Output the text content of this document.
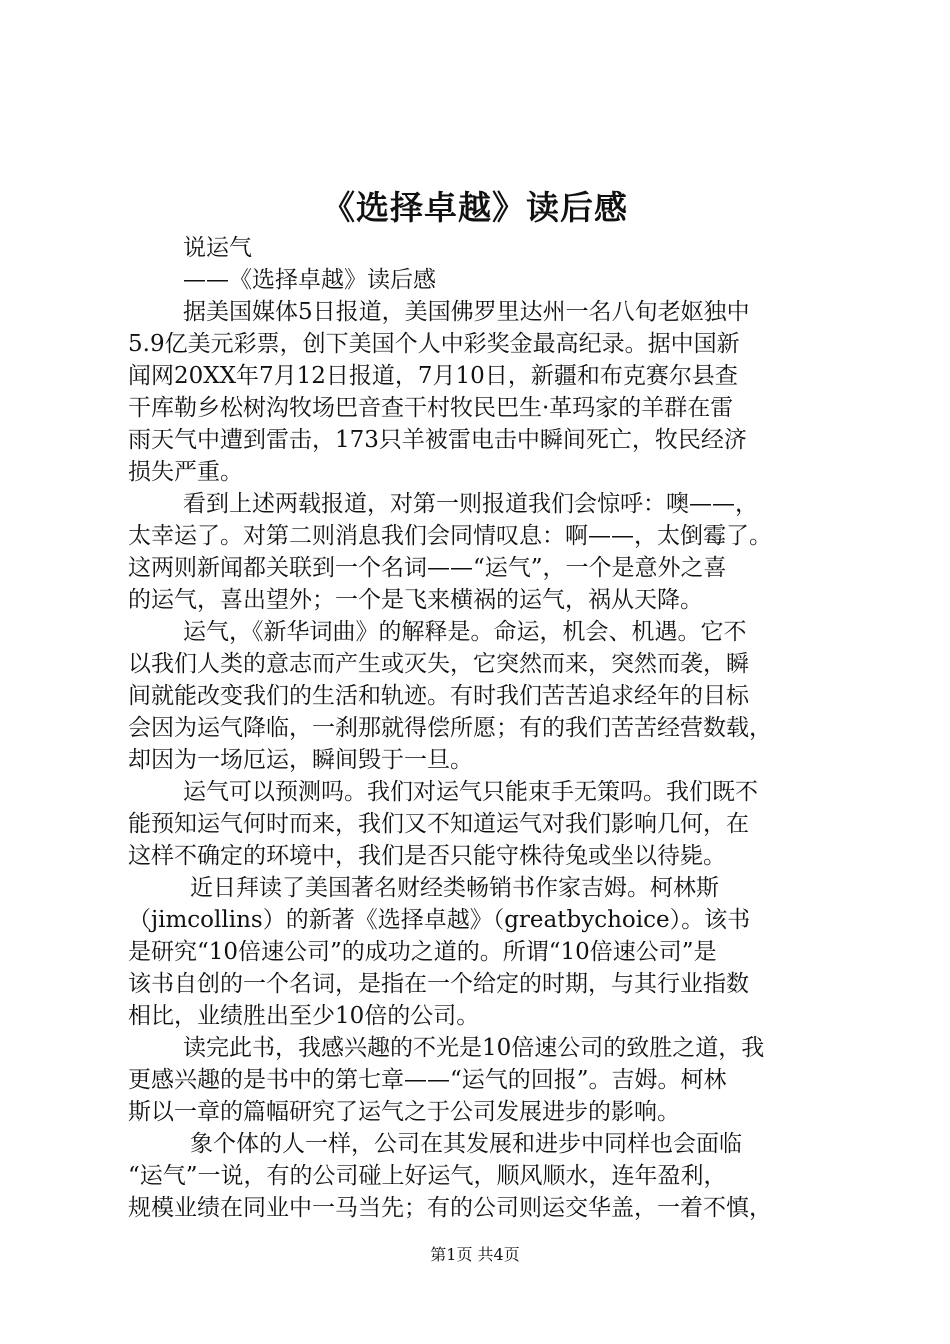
《选择卓越》读后感
说运气
——《选择卓越》读后感
据美国媒体5日报道，美国佛罗里达州一名八旬老妪独中
5.9亿美元彩票，创下美国个人中彩奖金最高纪录。据中国新
闻网20XX年7月12日报道，7月10日，新疆和布克赛尔县查
干库勒乡松树沟牧场巴音查干村牧民巴生·革玛家的羊群在雷
雨天气中遭到雷击，173只羊被雷电击中瞬间死亡，牧民经济
损失严重。
看到上述两载报道，对第一则报道我们会惊呼：噢——，
太幸运了。对第二则消息我们会同情叹息：啊——，太倒霉了。
这两则新闻都关联到一个名词——“运气”，一个是意外之喜
的运气，喜出望外；一个是飞来横祸的运气，祸从天降。
运气，《新华词曲》的解释是。命运，机会、机遇。它不
以我们人类的意志而产生或灭失，它突然而来，突然而袭，瞬
间就能改变我们的生活和轨迹。有时我们苦苦追求经年的目标
会因为运气降临，一刹那就得偿所愿；有的我们苦苦经营数载，
却因为一场厄运，瞬间毁于一旦。
运气可以预测吗。我们对运气只能束手无策吗。我们既不
能预知运气何时而来，我们又不知道运气对我们影响几何，在
这样不确定的环境中，我们是否只能守株待兔或坐以待毙。
近日拜读了美国著名财经类畅销书作家吉姆。柯林斯
（jimcollins）的新著《选择卓越》（greatbychoice）。该书
是研究“10倍速公司”的成功之道的。所谓“10倍速公司”是
该书自创的一个名词，是指在一个给定的时期，与其行业指数
相比，业绩胜出至少10倍的公司。
读完此书，我感兴趣的不光是10倍速公司的致胜之道，我
更感兴趣的是书中的第七章——“运气的回报”。吉姆。柯林
斯以一章的篇幅研究了运气之于公司发展进步的影响。
象个体的人一样，公司在其发展和进步中同样也会面临
“运气”一说，有的公司碰上好运气，顺风顺水，连年盈利，
规模业绩在同业中一马当先；有的公司则运交华盖，一着不慎，
第1页 共4页
